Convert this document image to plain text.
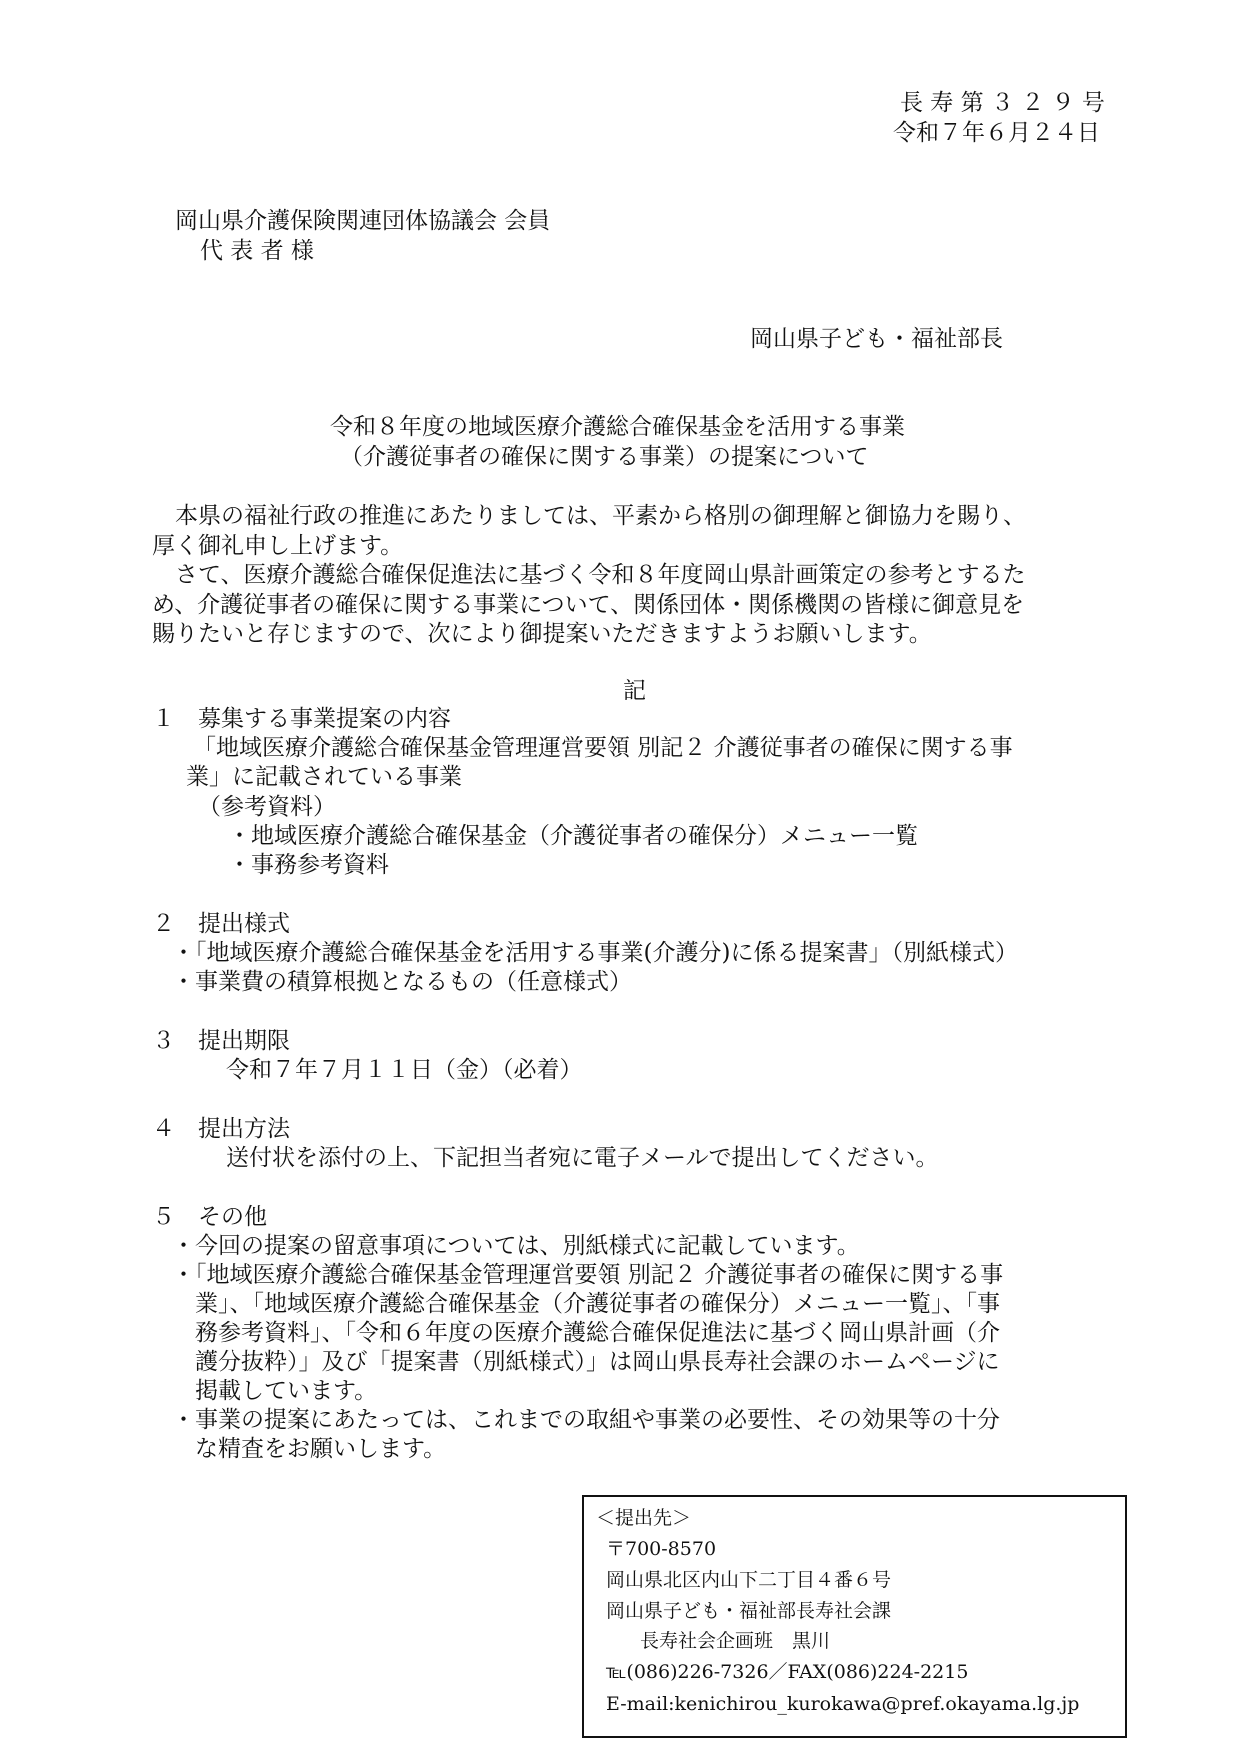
長 寿 第 ３ ２ ９ 号
令和７年６月２４日
岡山県介護保険関連団体協議会 会員
代 表 者 様
岡山県子ども・福祉部長
令和８年度の地域医療介護総合確保基金を活用する事業
（介護従事者の確保に関する事業）の提案について
　本県の福祉行政の推進にあたりましては、平素から格別の御理解と御協力を賜り、
厚く御礼申し上げます。
　さて、医療介護総合確保促進法に基づく令和８年度岡山県計画策定の参考とするた
め、介護従事者の確保に関する事業について、関係団体・関係機関の皆様に御意見を
賜りたいと存じますので、次により御提案いただきますようお願いします。
記
１　募集する事業提案の内容
「地域医療介護総合確保基金管理運営要領 別記２ 介護従事者の確保に関する事
業」に記載されている事業
（参考資料）
・地域医療介護総合確保基金（介護従事者の確保分）メニュー一覧
・事務参考資料
２　提出様式
・「地域医療介護総合確保基金を活用する事業(介護分)に係る提案書」（別紙様式）
・事業費の積算根拠となるもの（任意様式）
３　提出期限
令和７年７月１１日（金）（必着）
４　提出方法
送付状を添付の上、下記担当者宛に電子メールで提出してください。
５　その他
・今回の提案の留意事項については、別紙様式に記載しています。
・「地域医療介護総合確保基金管理運営要領 別記２ 介護従事者の確保に関する事
業」、「地域医療介護総合確保基金（介護従事者の確保分）メニュー一覧」、「事
務参考資料」、「令和６年度の医療介護総合確保促進法に基づく岡山県計画（介
護分抜粋）」及び「提案書（別紙様式）」は岡山県長寿社会課のホームページに
掲載しています。
・事業の提案にあたっては、これまでの取組や事業の必要性、その効果等の十分
な精査をお願いします。
＜提出先＞
〒700-8570
岡山県北区内山下二丁目４番６号
岡山県子ども・福祉部長寿社会課
長寿社会企画班　黒川
℡(086)226-7326／FAX(086)224-2215
E-mail:kenichirou_kurokawa@pref.okayama.lg.jp
